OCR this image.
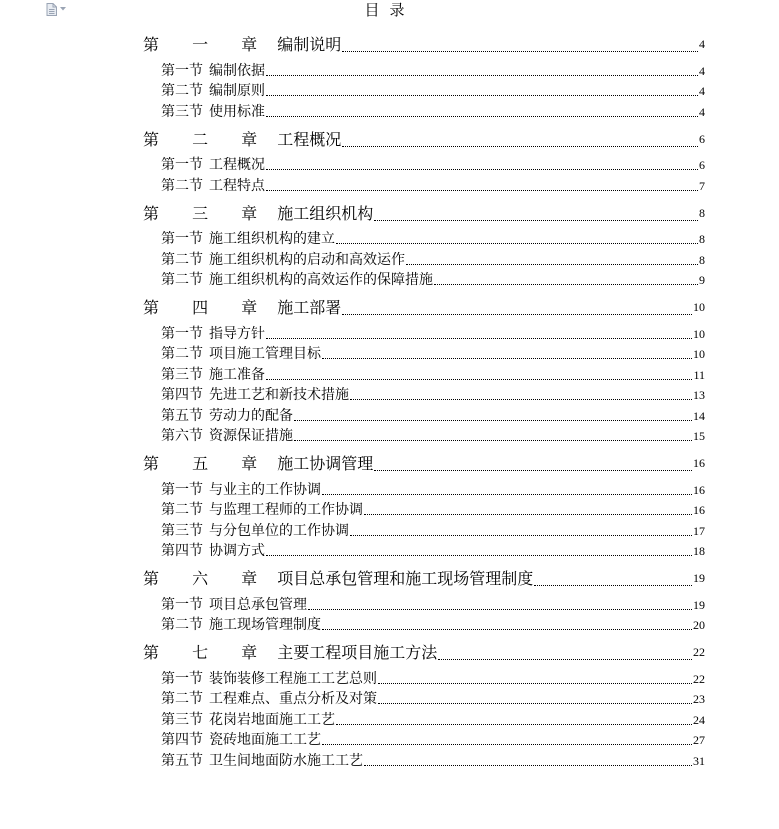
目录
第 一 章 编制说明	4
第一节 编制依据	4
第二节 编制原则	4
第三节 使用标准	4
第 二 章 工程概况	6
第一节 工程概况	6
第二节 工程特点	7
第 三 章 施工组织机构	8
第一节 施工组织机构的建立	8
第二节 施工组织机构的启动和高效运作	8
第二节 施工组织机构的高效运作的保障措施	9
第 四 章 施工部署	10
第一节 指导方针	10
第二节 项目施工管理目标	10
第三节 施工准备	11
第四节 先进工艺和新技术措施	13
第五节 劳动力的配备	14
第六节 资源保证措施	15
第 五 章 施工协调管理	16
第一节 与业主的工作协调	16
第二节 与监理工程师的工作协调	16
第三节 与分包单位的工作协调	17
第四节 协调方式	18
第 六 章 项目总承包管理和施工现场管理制度	19
第一节 项目总承包管理	19
第二节 施工现场管理制度	20
第 七 章 主要工程项目施工方法	22
第一节 装饰装修工程施工工艺总则	22
第二节 工程难点、重点分析及对策	23
第三节 花岗岩地面施工工艺	24
第四节 瓷砖地面施工工艺	27
第五节 卫生间地面防水施工工艺	31
